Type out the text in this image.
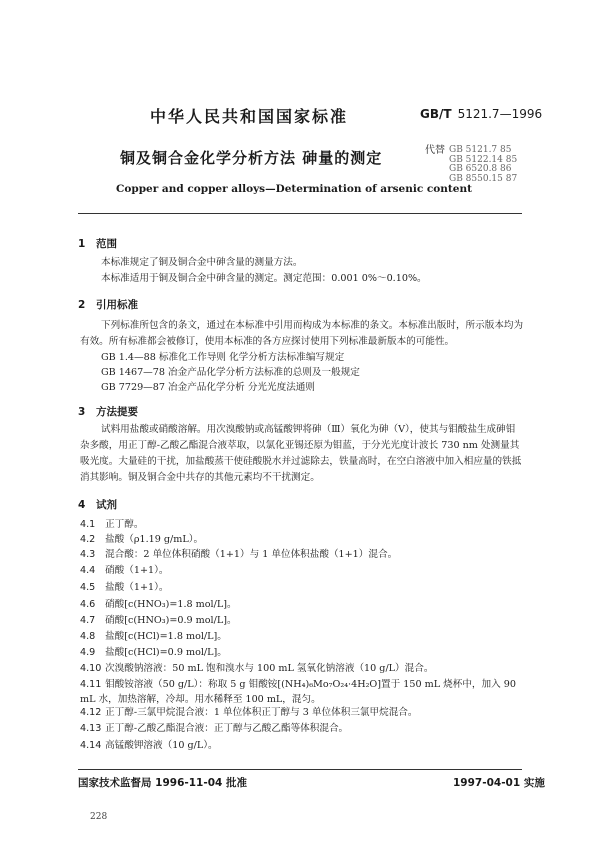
中华人民共和国国家标准	GB/T 5121.7—1996
铜及铜合金化学分析方法 砷量的测定	代替 GB 5121.7 85
GB 5122.14 85
GB 6520.8 86
GB 8550.15 87
Copper and copper alloys—Determination of arsenic content
1 范围
本标准规定了铜及铜合金中砷含量的测量方法。
本标准适用于铜及铜合金中砷含量的测定。测定范围：0.001 0%～0.10%。
2 引用标准
下列标准所包含的条文，通过在本标准中引用而构成为本标准的条文。本标准出版时，所示版本均为有效。所有标准都会被修订，使用本标准的各方应探讨使用下列标准最新版本的可能性。
GB 1.4—88 标准化工作导则 化学分析方法标准编写规定
GB 1467—78 冶金产品化学分析方法标准的总则及一般规定
GB 7729—87 冶金产品化学分析 分光光度法通则
3 方法提要
试料用盐酸或硝酸溶解。用次溴酸钠或高锰酸钾将砷（Ⅲ）氧化为砷（Ⅴ），使其与钼酸盐生成砷钼杂多酸，用正丁醇-乙酸乙酯混合液萃取，以氯化亚锡还原为钼蓝，于分光光度计波长 730 nm 处测量其吸光度。大量硅的干扰，加盐酸蒸干使硅酸脱水并过滤除去，铁量高时，在空白溶液中加入相应量的铁抵消其影响。铜及铜合金中共存的其他元素均不干扰测定。
4 试剂
4.1 正丁醇。
4.2 盐酸（ρ1.19 g/mL）。
4.3 混合酸：2 单位体积硝酸（1+1）与 1 单位体积盐酸（1+1）混合。
4.4 硝酸（1+1）。
4.5 盐酸（1+1）。
4.6 硝酸[c(HNO₃)=1.8 mol/L]。
4.7 硝酸[c(HNO₃)=0.9 mol/L]。
4.8 盐酸[c(HCl)=1.8 mol/L]。
4.9 盐酸[c(HCl)=0.9 mol/L]。
4.10 次溴酸钠溶液：50 mL 饱和溴水与 100 mL 氢氧化钠溶液（10 g/L）混合。
4.11 钼酸铵溶液（50 g/L）：称取 5 g 钼酸铵[(NH₄)₆Mo₇O₂₄·4H₂O]置于 150 mL 烧杯中，加入 90 mL 水，加热溶解，冷却。用水稀释至 100 mL，混匀。
4.12 正丁醇-三氯甲烷混合液：1 单位体积正丁醇与 3 单位体积三氯甲烷混合。
4.13 正丁醇-乙酸乙酯混合液：正丁醇与乙酸乙酯等体积混合。
4.14 高锰酸钾溶液（10 g/L）。
国家技术监督局 1996-11-04 批准	1997-04-01 实施
228
